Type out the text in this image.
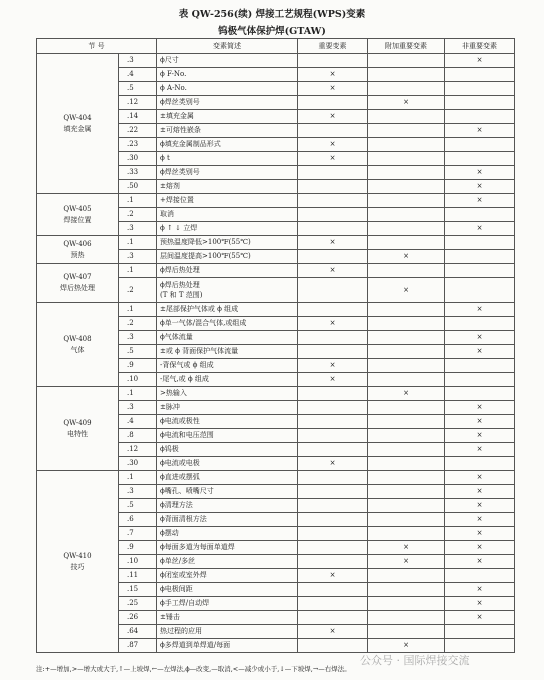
表 QW-256(续) 焊接工艺规程(WPS)变素
钨极气体保护焊(GTAW)
节 号		变素简述	重要变素	附加重要变素	非重要变素

QW-404
填充金属	.3	ϕ尺寸			×
	.4	ϕ F-No.	×		
	.5	ϕ A-No.	×		
	.12	ϕ焊丝类别号		×	
	.14	±填充金属	×		
	.22	±可熔性嵌条			×
	.23	ϕ填充金属制品形式	×		
	.30	ϕ t	×		
	.33	ϕ焊丝类别号			×
	.50	±熔剂			×

QW-405
焊接位置	.1	+焊接位置			×
	.2	取消			
	.3	ϕ ↑ ↓ 立焊			×

QW-406
预热	.1	预热温度降低>100℉(55℃)	×		
	.3	层间温度提高>100℉(55℃)		×	

QW-407
焊后热处理	.1	ϕ焊后热处理	×		
	.2	ϕ焊后热处理
(T 和 T 范围)		×	

QW-408
气体	.1	±尾部保护气体或 ϕ 组成			×
	.2	ϕ单一气体/混合气体,或组成	×		
	.3	ϕ气体流量			×
	.5	±或 ϕ 背面保护气体流量			×
	.9	-背保气或 ϕ 组成	×		
	.10	-尾气,或 ϕ 组成	×		

QW-409
电特性	.1	>热输入		×	
	.3	±脉冲			×
	.4	ϕ电流或极性			×
	.8	ϕ电流和电压范围			×
	.12	ϕ钨极			×
	.30	ϕ电流或电极	×		

QW-410
技巧	.1	ϕ直进或摆弧			×
	.3	ϕ嘴孔、喷嘴尺寸			×
	.5	ϕ清理方法			×
	.6	ϕ背面清根方法			×
	.7	ϕ摆动			×
	.9	ϕ每面多道为每面单道焊		×	×
	.10	ϕ单丝/多丝		×	×
	.11	ϕ闭室或室外焊	×		
	.15	ϕ电极间距			×
	.25	ϕ手工焊/自动焊			×
	.26	±锤击			×
	.64	热过程的应用	×		
	.87	ϕ多焊道到单焊道/每面		×	
公众号 · 国际焊接交流
注:+—增加,>—增大或大于,↑—上坡焊,←—左焊法,ϕ—改变,—取消,<—减少或小于,↓—下坡焊,→—右焊法。
